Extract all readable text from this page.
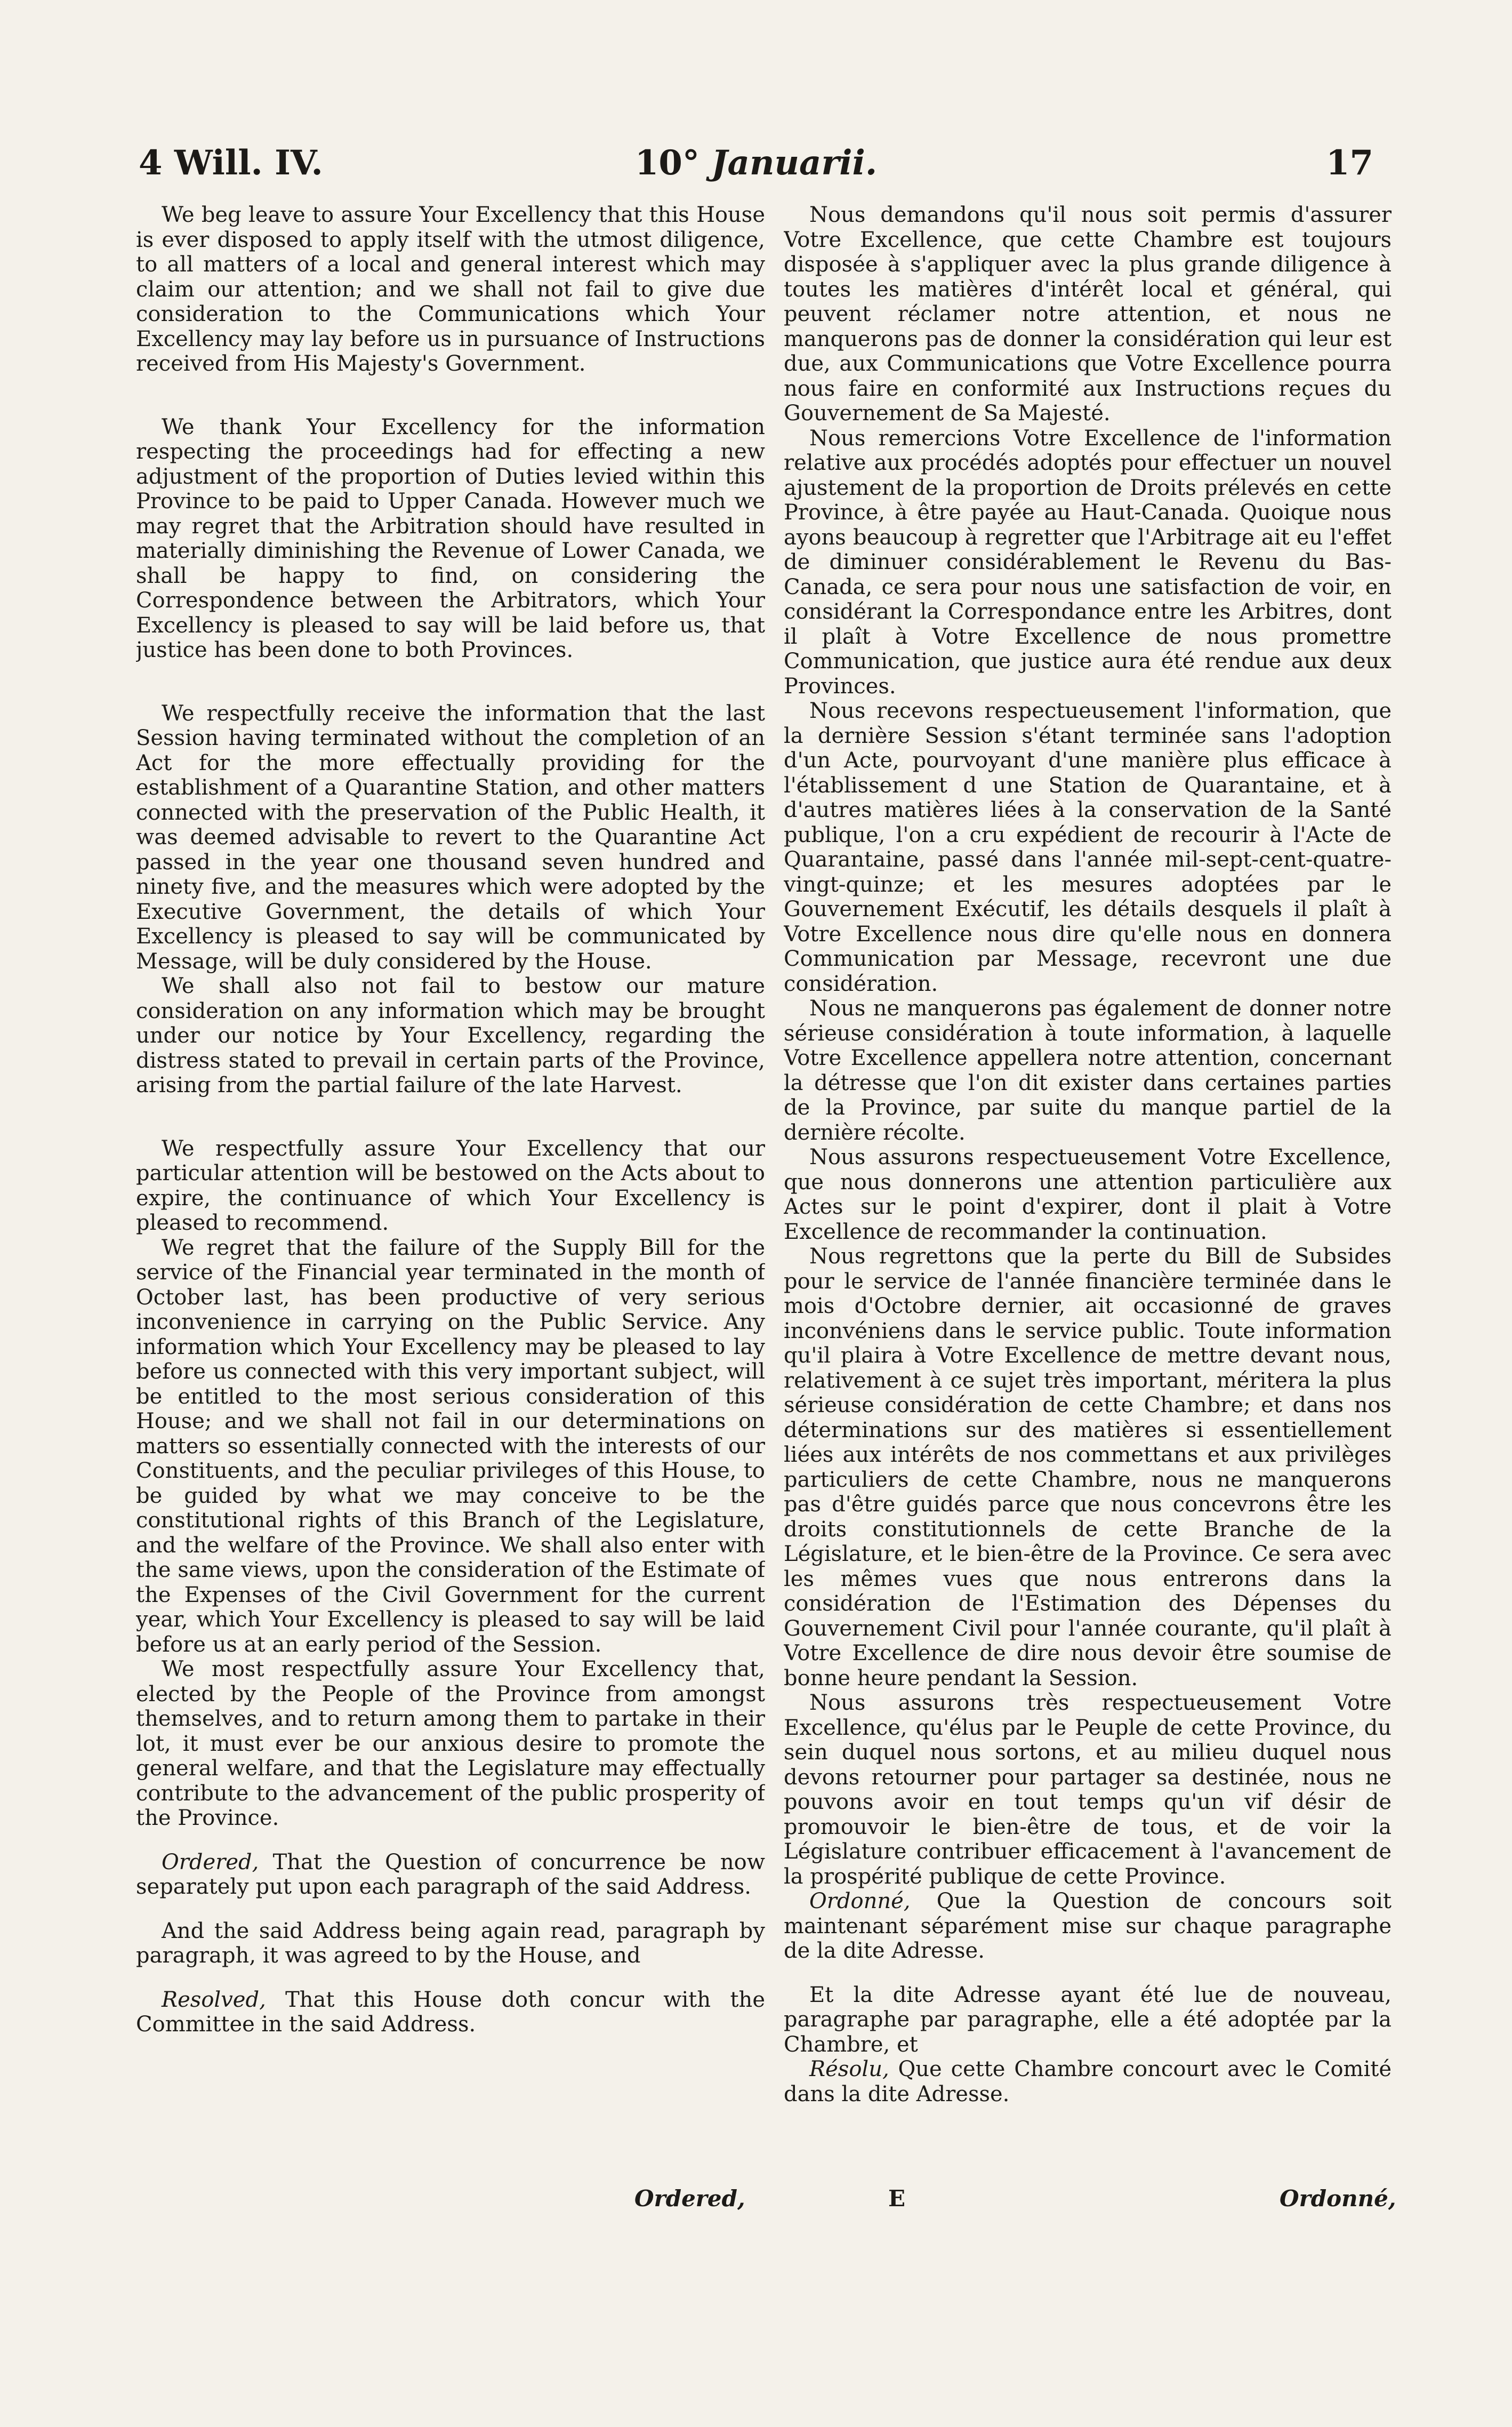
4 Will. IV.	10° Januarii.	17

We beg leave to assure Your Excellency that this House is ever disposed to apply itself with the utmost diligence, to all matters of a local and general interest which may claim our attention; and we shall not fail to give due consideration to the Communications which Your Excellency may lay before us in pursuance of Instructions received from His Majesty's Government.

We thank Your Excellency for the information respecting the proceedings had for effecting a new adjustment of the proportion of Duties levied within this Province to be paid to Upper Canada. However much we may regret that the Arbitration should have resulted in materially diminishing the Revenue of Lower Canada, we shall be happy to find, on considering the Correspondence between the Arbitrators, which Your Excellency is pleased to say will be laid before us, that justice has been done to both Provinces.

We respectfully receive the information that the last Session having terminated without the completion of an Act for the more effectually providing for the establishment of a Quarantine Station, and other matters connected with the preservation of the Public Health, it was deemed advisable to revert to the Quarantine Act passed in the year one thousand seven hundred and ninety five, and the measures which were adopted by the Executive Government, the details of which Your Excellency is pleased to say will be communicated by Message, will be duly considered by the House.

We shall also not fail to bestow our mature consideration on any information which may be brought under our notice by Your Excellency, regarding the distress stated to prevail in certain parts of the Province, arising from the partial failure of the late Harvest.

We respectfully assure Your Excellency that our particular attention will be bestowed on the Acts about to expire, the continuance of which Your Excellency is pleased to recommend.

We regret that the failure of the Supply Bill for the service of the Financial year terminated in the month of October last, has been productive of very serious inconvenience in carrying on the Public Service. Any information which Your Excellency may be pleased to lay before us connected with this very important subject, will be entitled to the most serious consideration of this House; and we shall not fail in our determinations on matters so essentially connected with the interests of our Constituents, and the peculiar privileges of this House, to be guided by what we may conceive to be the constitutional rights of this Branch of the Legislature, and the welfare of the Province. We shall also enter with the same views, upon the consideration of the Estimate of the Expenses of the Civil Government for the current year, which Your Excellency is pleased to say will be laid before us at an early period of the Session.

We most respectfully assure Your Excellency that, elected by the People of the Province from amongst themselves, and to return among them to partake in their lot, it must ever be our anxious desire to promote the general welfare, and that the Legislature may effectually contribute to the advancement of the public prosperity of the Province.

Ordered, That the Question of concurrence be now separately put upon each paragraph of the said Address.

And the said Address being again read, paragraph by paragraph, it was agreed to by the House, and

Resolved, That this House doth concur with the Committee in the said Address.

Nous demandons qu'il nous soit permis d'assurer Votre Excellence, que cette Chambre est toujours disposée à s'appliquer avec la plus grande diligence à toutes les matières d'intérêt local et général, qui peuvent réclamer notre attention, et nous ne manquerons pas de donner la considération qui leur est due, aux Communications que Votre Excellence pourra nous faire en conformité aux Instructions reçues du Gouvernement de Sa Majesté.

Nous remercions Votre Excellence de l'information relative aux procédés adoptés pour effectuer un nouvel ajustement de la proportion de Droits prélevés en cette Province, à être payée au Haut-Canada. Quoique nous ayons beaucoup à regretter que l'Arbitrage ait eu l'effet de diminuer considérablement le Revenu du Bas-Canada, ce sera pour nous une satisfaction de voir, en considérant la Correspondance entre les Arbitres, dont il plaît à Votre Excellence de nous promettre Communication, que justice aura été rendue aux deux Provinces.

Nous recevons respectueusement l'information, que la dernière Session s'étant terminée sans l'adoption d'un Acte, pourvoyant d'une manière plus efficace à l'établissement d une Station de Quarantaine, et à d'autres matières liées à la conservation de la Santé publique, l'on a cru expédient de recourir à l'Acte de Quarantaine, passé dans l'année mil-sept-cent-quatre-vingt-quinze; et les mesures adoptées par le Gouvernement Exécutif, les détails desquels il plaît à Votre Excellence nous dire qu'elle nous en donnera Communication par Message, recevront une due considération.

Nous ne manquerons pas également de donner notre sérieuse considération à toute information, à laquelle Votre Excellence appellera notre attention, concernant la détresse que l'on dit exister dans certaines parties de la Province, par suite du manque partiel de la dernière récolte.

Nous assurons respectueusement Votre Excellence, que nous donnerons une attention particulière aux Actes sur le point d'expirer, dont il plait à Votre Excellence de recommander la continuation.

Nous regrettons que la perte du Bill de Subsides pour le service de l'année financière terminée dans le mois d'Octobre dernier, ait occasionné de graves inconvéniens dans le service public. Toute information qu'il plaira à Votre Excellence de mettre devant nous, relativement à ce sujet très important, méritera la plus sérieuse considération de cette Chambre; et dans nos déterminations sur des matières si essentiellement liées aux intérêts de nos commettans et aux privilèges particuliers de cette Chambre, nous ne manquerons pas d'être guidés parce que nous concevrons être les droits constitutionnels de cette Branche de la Législature, et le bien-être de la Province. Ce sera avec les mêmes vues que nous entrerons dans la considération de l'Estimation des Dépenses du Gouvernement Civil pour l'année courante, qu'il plaît à Votre Excellence de dire nous devoir être soumise de bonne heure pendant la Session.

Nous assurons très respectueusement Votre Excellence, qu'élus par le Peuple de cette Province, du sein duquel nous sortons, et au milieu duquel nous devons retourner pour partager sa destinée, nous ne pouvons avoir en tout temps qu'un vif désir de promouvoir le bien-être de tous, et de voir la Législature contribuer efficacement à l'avancement de la prospérité publique de cette Province.

Ordonné, Que la Question de concours soit maintenant séparément mise sur chaque paragraphe de la dite Adresse.

Et la dite Adresse ayant été lue de nouveau, paragraphe par paragraphe, elle a été adoptée par la Chambre, et

Résolu, Que cette Chambre concourt avec le Comité dans la dite Adresse.

Ordered,	E	Ordonné,
